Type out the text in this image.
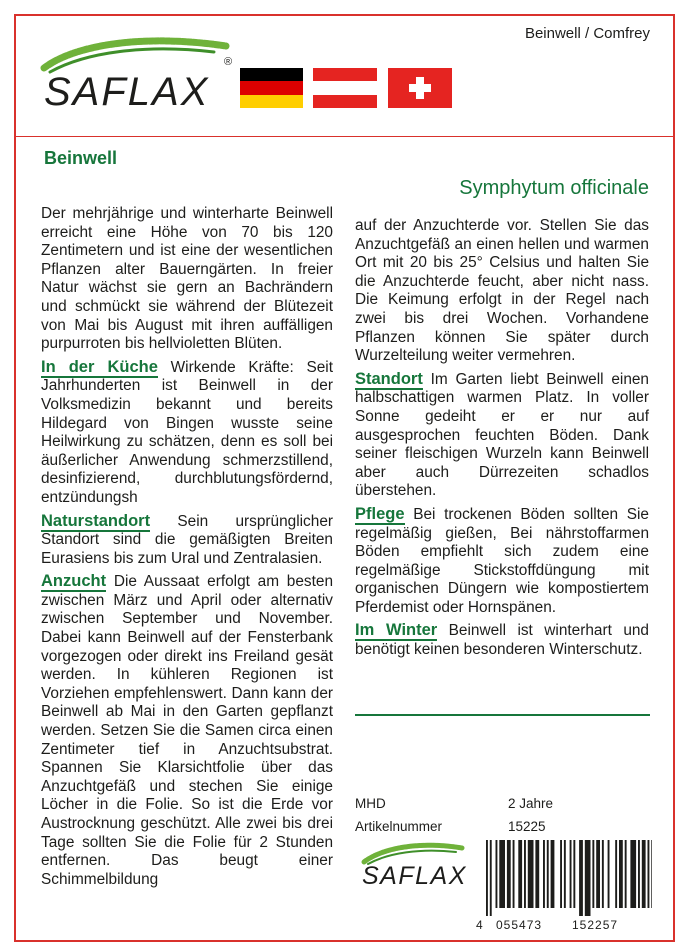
SAFLAX
®
Beinwell / Comfrey
Beinwell
Symphytum officinale

Der mehrjährige und winterharte Beinwell erreicht eine Höhe von 70 bis 120 Zentimetern und ist eine der wesentlichen Pflanzen alter Bauerngärten. In freier Natur wächst sie gern an Bachrändern und schmückt sie während der Blütezeit von Mai bis August mit ihren auffälligen purpurroten bis hellvioletten Blüten.

In der Küche Wirkende Kräfte: Seit Jahrhunderten ist Beinwell in der Volksmedizin bekannt und bereits Hildegard von Bingen wusste seine Heilwirkung zu schätzen, denn es soll bei äußerlicher Anwendung schmerzstillend, desinfizierend, durchblutungsfördernd, entzündungsh

Naturstandort Sein ursprünglicher Standort sind die gemäßigten Breiten Eurasiens bis zum Ural und Zentralasien.

Anzucht Die Aussaat erfolgt am besten zwischen März und April oder alternativ zwischen September und November. Dabei kann Beinwell auf der Fensterbank vorgezogen oder direkt ins Freiland gesät werden. In kühleren Regionen ist Vorziehen empfehlenswert. Dann kann der Beinwell ab Mai in den Garten gepflanzt werden. Setzen Sie die Samen circa einen Zentimeter tief in Anzuchtsubstrat. Spannen Sie Klarsichtfolie über das Anzuchtgefäß und stechen Sie einige Löcher in die Folie. So ist die Erde vor Austrocknung geschützt. Alle zwei bis drei Tage sollten Sie die Folie für 2 Stunden entfernen. Das beugt einer Schimmelbildung

auf der Anzuchterde vor. Stellen Sie das Anzuchtgefäß an einen hellen und warmen Ort mit 20 bis 25° Celsius und halten Sie die Anzuchterde feucht, aber nicht nass. Die Keimung erfolgt in der Regel nach zwei bis drei Wochen. Vorhandene Pflanzen können Sie später durch Wurzelteilung weiter vermehren.

Standort Im Garten liebt Beinwell einen halbschattigen warmen Platz. In voller Sonne gedeiht er er nur auf ausgesprochen feuchten Böden. Dank seiner fleischigen Wurzeln kann Beinwell aber auch Dürrezeiten schadlos überstehen.

Pflege Bei trockenen Böden sollten Sie regelmäßig gießen, Bei nährstoffarmen Böden empfiehlt sich zudem eine regelmäßige Stickstoffdüngung mit organischen Düngern wie kompostiertem Pferdemist oder Hornspänen.

Im Winter Beinwell ist winterhart und benötigt keinen besonderen Winterschutz.

MHD	2 Jahre
Artikelnummer	15225
SAFLAX
4 055473 152257
